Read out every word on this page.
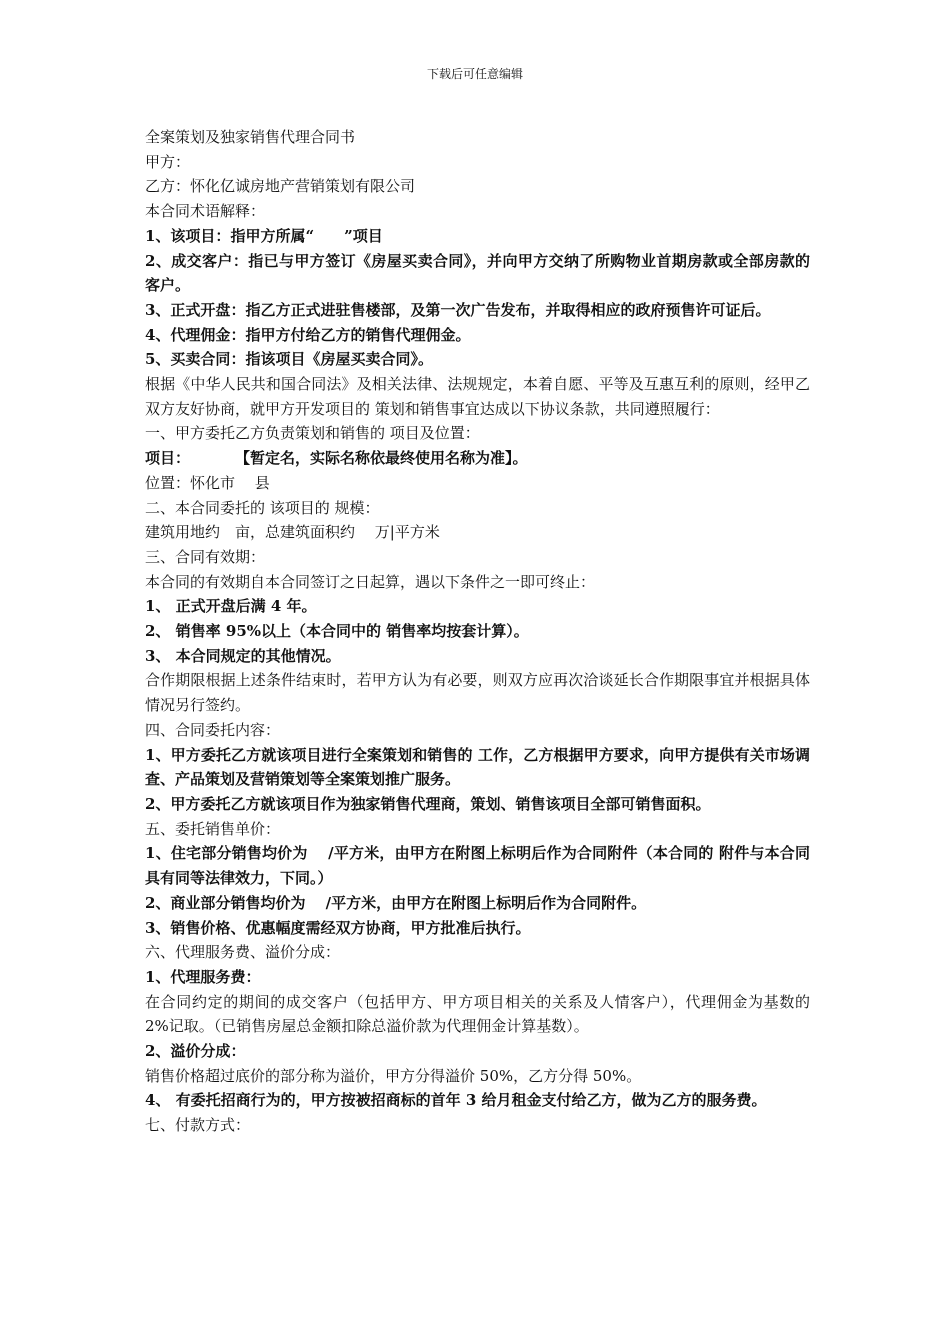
下载后可任意编辑

全案策划及独家销售代理合同书

甲方：

乙方：怀化亿诚房地产营销策划有限公司

本合同术语解释：

1、该项目：指甲方所属“　　”项目

2、成交客户：指已与甲方签订《房屋买卖合同》，并向甲方交纳了所购物业首期房款或全部房款的 客户。

3、正式开盘：指乙方正式进驻售楼部，及第一次广告发布，并取得相应的政府预售许可证后。

4、代理佣金：指甲方付给乙方的销售代理佣金。

5、买卖合同：指该项目《房屋买卖合同》。

根据《中华人民共和国合同法》及相关法律、法规规定，本着自愿、平等及互惠互利的原则，经甲乙双方友好协商，就甲方开发项目的 策划和销售事宜达成以下协议条款，共同遵照履行：

一、甲方委托乙方负责策划和销售的 项目及位置：

项目：　　　　【暂定名，实际名称依最终使用名称为准】。

位置：怀化市　 县

二、本合同委托的 该项目的 规模：

建筑用地约　亩，总建筑面积约　 万|平方米

三、合同有效期：

本合同的有效期自本合同签订之日起算，遇以下条件之一即可终止：

1、 正式开盘后满 4 年。

2、 销售率 95%以上（本合同中的 销售率均按套计算）。

3、 本合同规定的其他情况。

合作期限根据上述条件结束时，若甲方认为有必要，则双方应再次洽谈延长合作期限事宜并根据具体情况另行签约。

四、合同委托内容：

1、甲方委托乙方就该项目进行全案策划和销售的 工作，乙方根据甲方要求，向甲方提供有关市场调查、产品策划及营销策划等全案策划推广服务。

2、甲方委托乙方就该项目作为独家销售代理商，策划、销售该项目全部可销售面积。

五、委托销售单价：

1、住宅部分销售均价为　 /平方米，由甲方在附图上标明后作为合同附件（本合同的 附件与本合同具有同等法律效力，下同。）

2、商业部分销售均价为　 /平方米，由甲方在附图上标明后作为合同附件。

3、销售价格、优惠幅度需经双方协商，甲方批准后执行。

六、代理服务费、溢价分成：

1、代理服务费：

在合同约定的期间的成交客户（包括甲方、甲方项目相关的关系及人情客户），代理佣金为基数的 2%记取。（已销售房屋总金额扣除总溢价款为代理佣金计算基数）。

2、溢价分成：

销售价格超过底价的部分称为溢价，甲方分得溢价 50%，乙方分得 50%。

4、 有委托招商行为的，甲方按被招商标的首年 3 给月租金支付给乙方，做为乙方的服务费。

七、付款方式：
